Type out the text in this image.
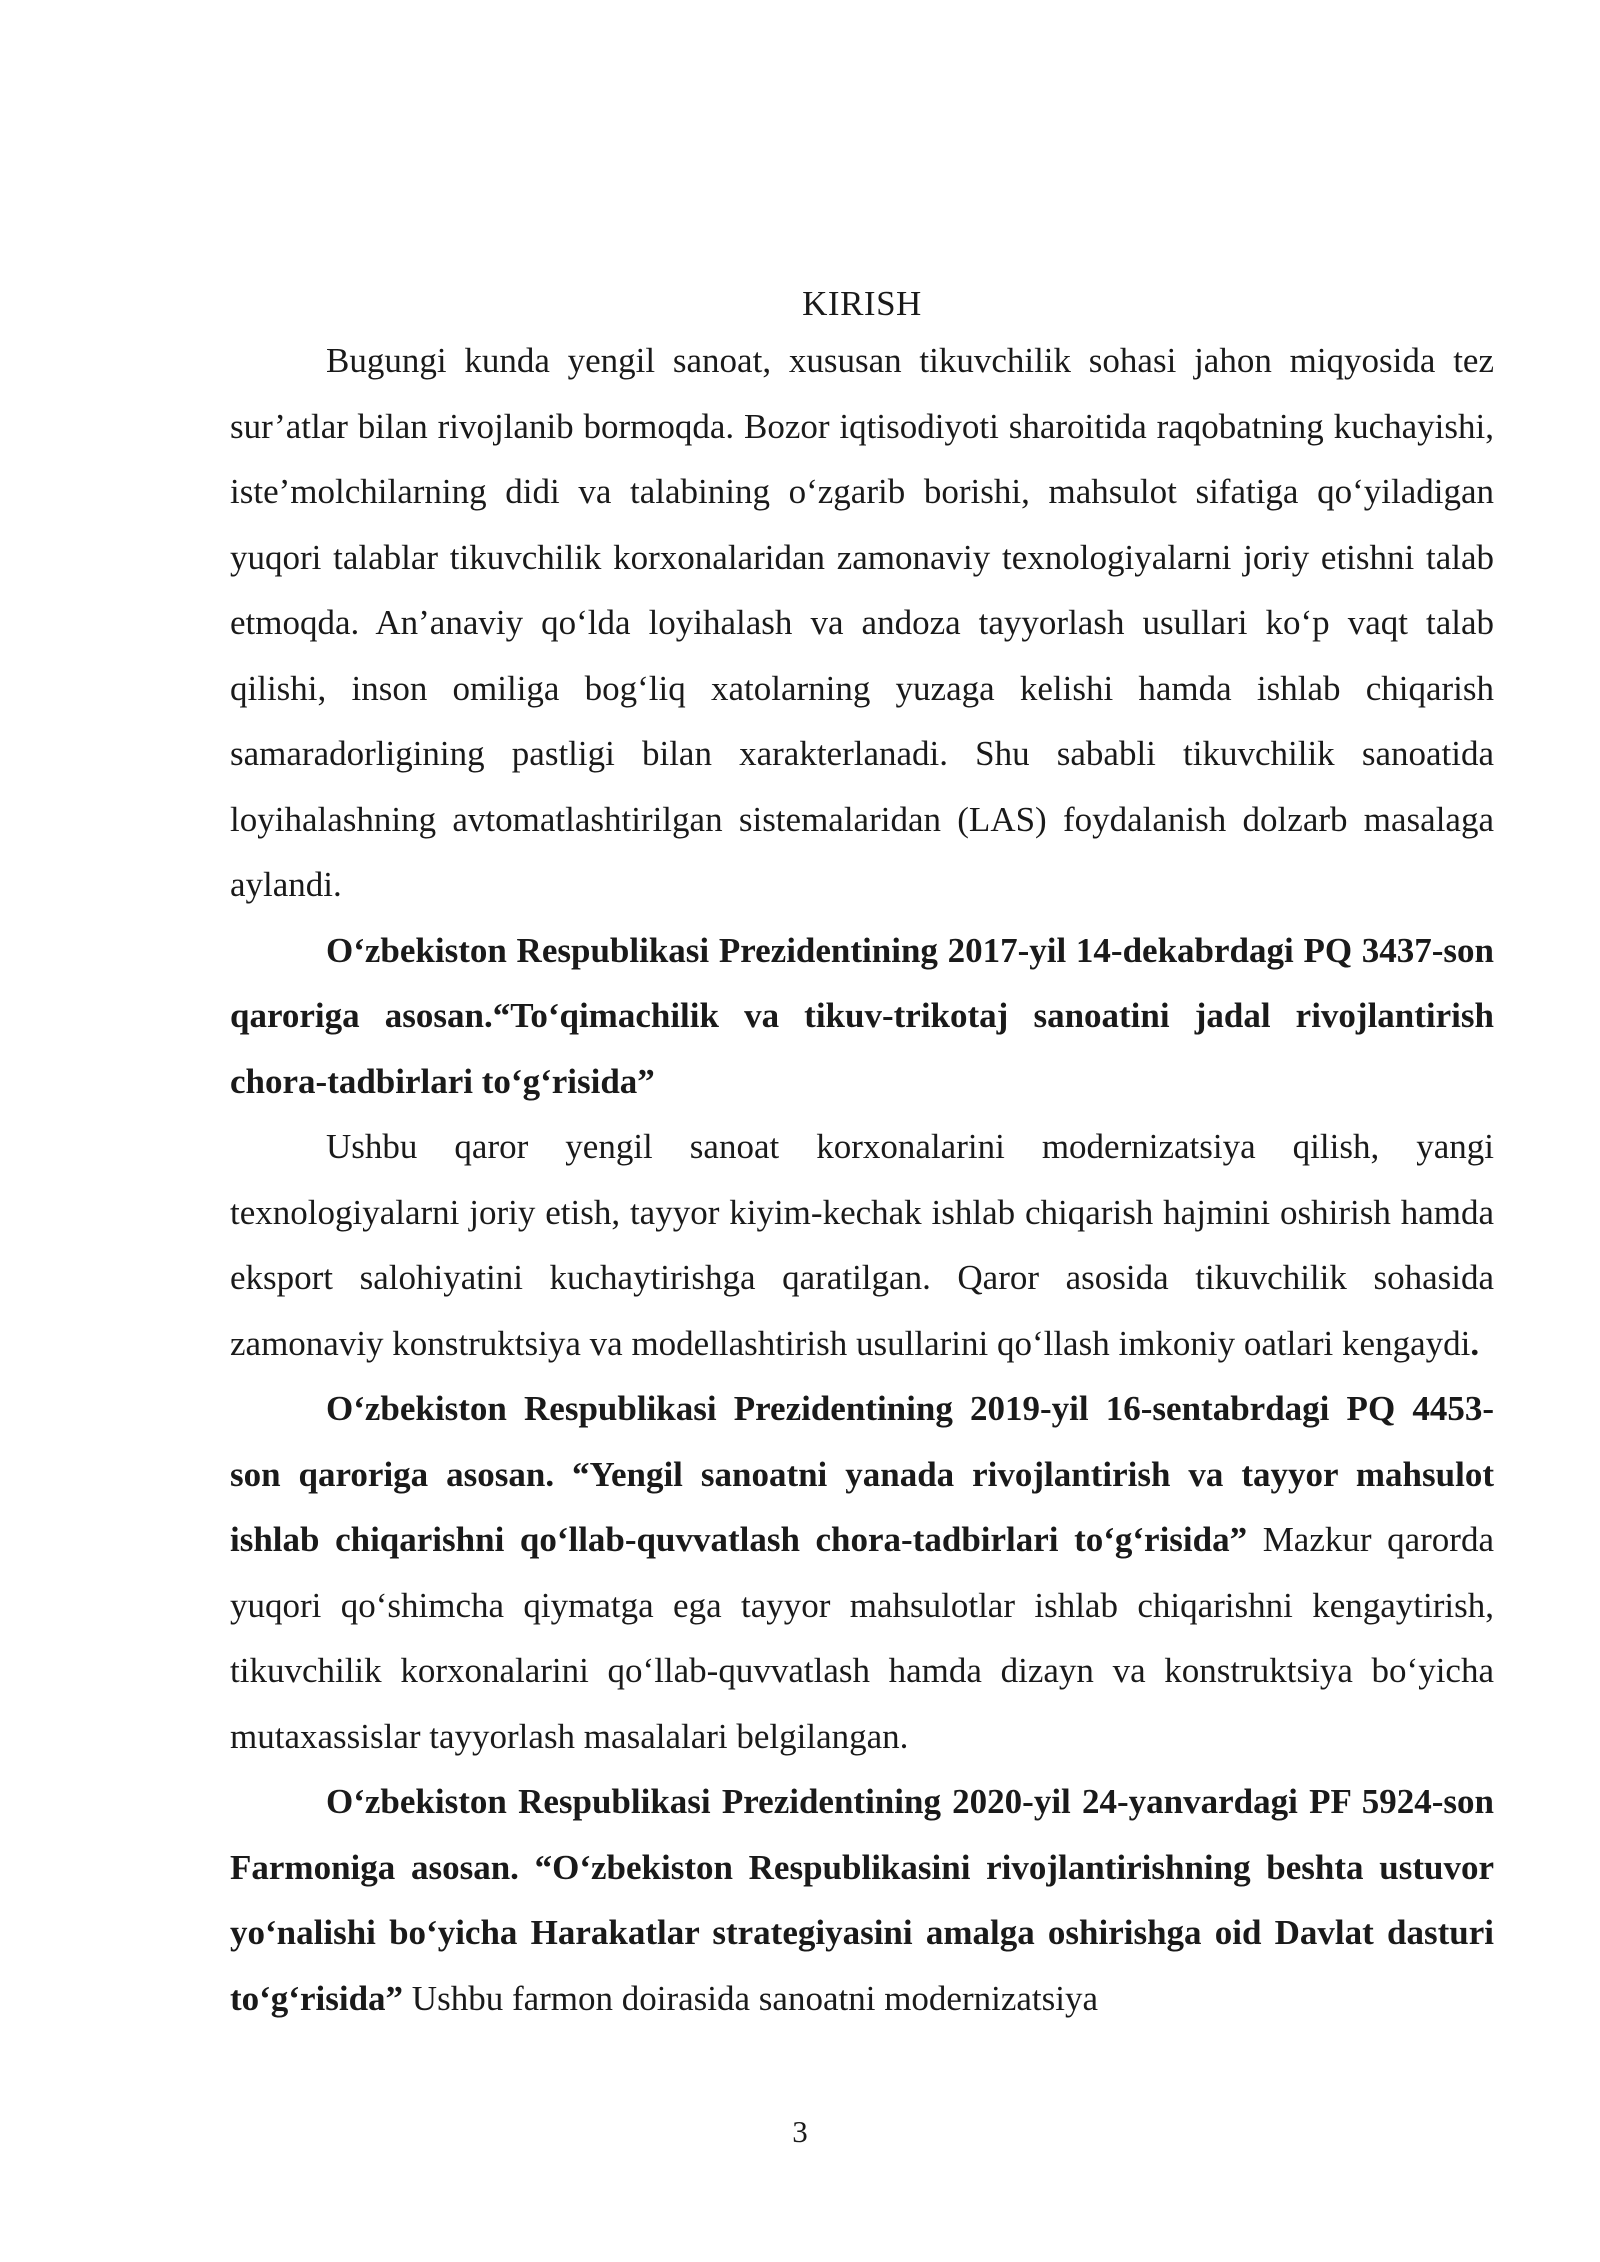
KIRISH

Bugungi kunda yengil sanoat, xususan tikuvchilik sohasi jahon miqyosida tez sur’atlar bilan rivojlanib bormoqda. Bozor iqtisodiyoti sharoitida raqobatning kuchayishi, iste’molchilarning didi va talabining o‘zgarib borishi, mahsulot sifatiga qo‘yiladigan yuqori talablar tikuvchilik korxonalaridan zamonaviy texnologiyalarni joriy etishni talab etmoqda. An’anaviy qo‘lda loyihalash va andoza tayyorlash usullari ko‘p vaqt talab qilishi, inson omiliga bog‘liq xatolarning yuzaga kelishi hamda ishlab chiqarish samaradorligining pastligi bilan xarakterlanadi. Shu sababli tikuvchilik sanoatida loyihalashning avtomatlashtirilgan sistemalaridan (LAS) foydalanish dolzarb masalaga aylandi.

O‘zbekiston Respublikasi Prezidentining 2017-yil 14-dekabrdagi PQ 3437-son qaroriga asosan.“To‘qimachilik va tikuv-trikotaj sanoatini jadal rivojlantirish chora-tadbirlari to‘g‘risida”

Ushbu qaror yengil sanoat korxonalarini modernizatsiya qilish, yangi texnologiyalarni joriy etish, tayyor kiyim-kechak ishlab chiqarish hajmini oshirish hamda eksport salohiyatini kuchaytirishga qaratilgan. Qaror asosida tikuvchilik sohasida zamonaviy konstruktsiya va modellashtirish usullarini qo‘llash imkoniy oatlari kengaydi.

O‘zbekiston Respublikasi Prezidentining 2019-yil 16-sentabrdagi PQ 4453-son qaroriga asosan. “Yengil sanoatni yanada rivojlantirish va tayyor mahsulot ishlab chiqarishni qo‘llab-quvvatlash chora-tadbirlari to‘g‘risida” Mazkur qarorda yuqori qo‘shimcha qiymatga ega tayyor mahsulotlar ishlab chiqarishni kengaytirish, tikuvchilik korxonalarini qo‘llab-quvvatlash hamda dizayn va konstruktsiya bo‘yicha mutaxassislar tayyorlash masalalari belgilangan.

O‘zbekiston Respublikasi Prezidentining 2020-yil 24-yanvardagi PF 5924-son Farmoniga asosan. “O‘zbekiston Respublikasini rivojlantirishning beshta ustuvor yo‘nalishi bo‘yicha Harakatlar strategiyasini amalga oshirishga oid Davlat dasturi to‘g‘risida” Ushbu farmon doirasida sanoatni modernizatsiya

3
